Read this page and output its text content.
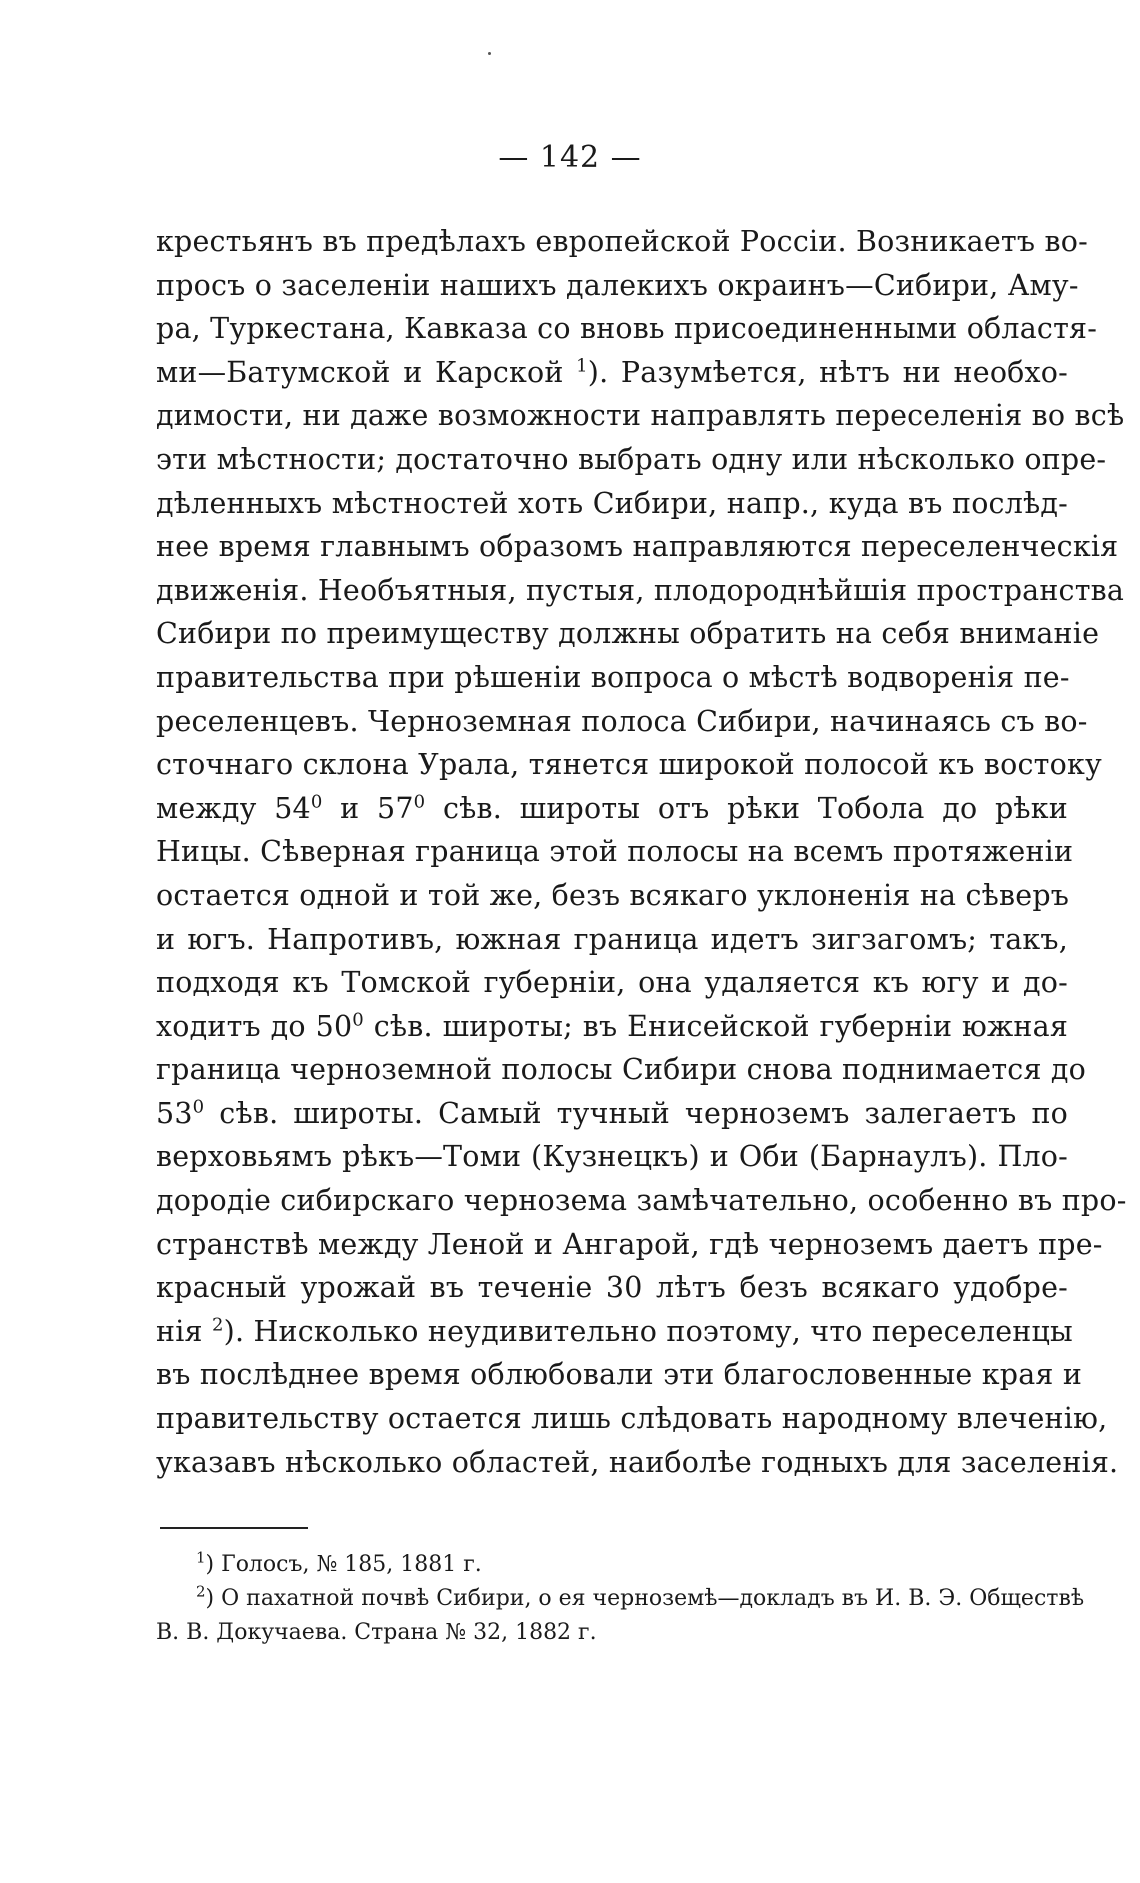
— 142 —
крестьянъ въ предѣлахъ европейской Россіи. Возникаетъ во-
просъ о заселеніи нашихъ далекихъ окраинъ—Сибири, Аму-
ра, Туркестана, Кавказа со вновь присоединенными областя-
ми—Батумской и Карской $^1$). Разумѣется, нѣтъ ни необхо-
димости, ни даже возможности направлять переселенія во всѣ
эти мѣстности; достаточно выбрать одну или нѣсколько опре-
дѣленныхъ мѣстностей хоть Сибири, напр., куда въ послѣд-
нее время главнымъ образомъ направляются переселенческія
движенія. Необъятныя, пустыя, плодороднѣйшія пространства
Сибири по преимуществу должны обратить на себя вниманіе
правительства при рѣшеніи вопроса о мѣстѣ водворенія пе-
реселенцевъ. Черноземная полоса Сибири, начинаясь съ во-
сточнаго склона Урала, тянется широкой полосой къ востоку
между $54^0$ и $57^0$ сѣв. широты отъ рѣки Тобола до рѣки
Ницы. Сѣверная граница этой полосы на всемъ протяженіи
остается одной и той же, безъ всякаго уклоненія на сѣверъ
и югъ. Напротивъ, южная граница идетъ зигзагомъ; такъ,
подходя къ Томской губерніи, она удаляется къ югу и до-
ходитъ до $50^0$ сѣв. широты; въ Енисейской губерніи южная
граница черноземной полосы Сибири снова поднимается до
$53^0$ сѣв. широты. Самый тучный черноземъ залегаетъ по
верховьямъ рѣкъ—Томи (Кузнецкъ) и Оби (Барнаулъ). Пло-
дородіе сибирскаго чернозема замѣчательно, особенно въ про-
странствѣ между Леной и Ангарой, гдѣ черноземъ даетъ пре-
красный урожай въ теченіе 30 лѣтъ безъ всякаго удобре-
нія $^2$). Нисколько неудивительно поэтому, что переселенцы
въ послѣднее время облюбовали эти благословенные края и
правительству остается лишь слѣдовать народному влеченію,
указавъ нѣсколько областей, наиболѣе годныхъ для заселенія.
$^1$) Голосъ, № 185, 1881 г.
$^2$) О пахатной почвѣ Сибири, о ея черноземѣ—докладъ въ И. В. Э. Обществѣ
В. В. Докучаева. Страна № 32, 1882 г.
